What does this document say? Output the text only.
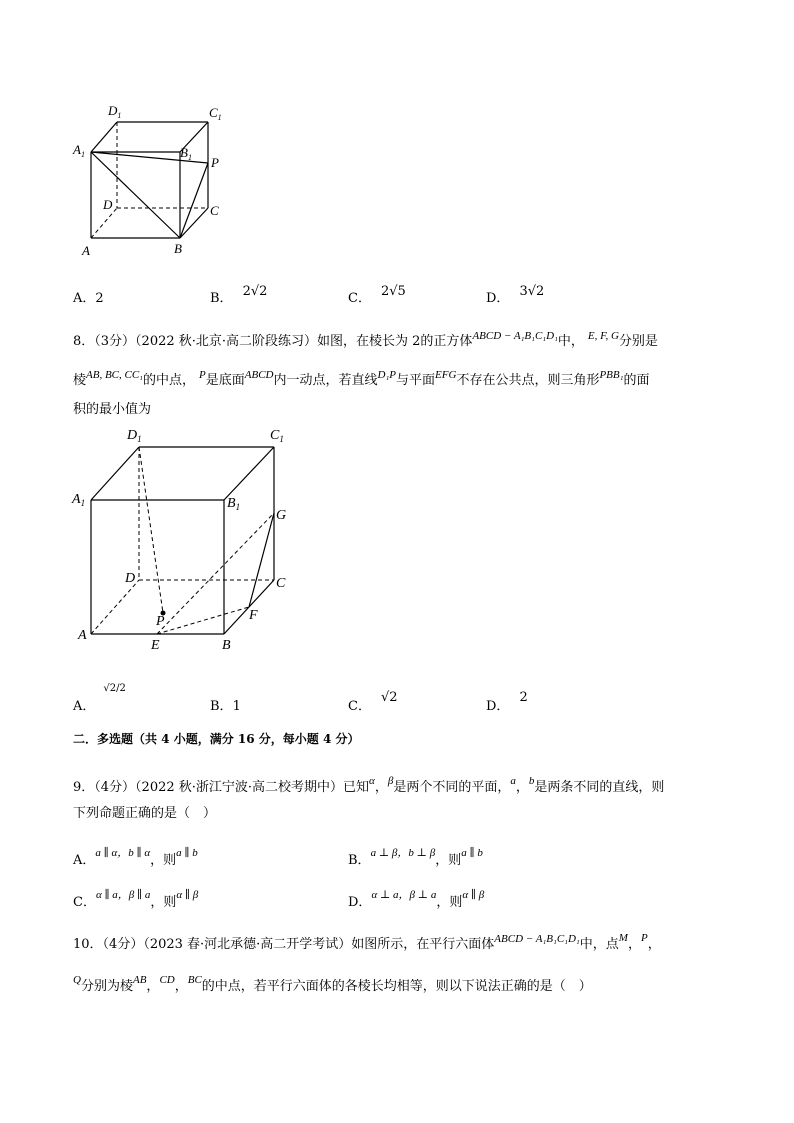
$D_1$	$C_1$
$A_1$	$B_1$ P
D	C
A	B
A．2	B． 2√2	C． 2√5	D． 3√2
8．（3分）（2022 秋·北京·高二阶段练习）如图，在棱长为 2的正方体$^{ABCD - A_1B_1C_1D_1}$中， $^{E, F, G}$分别是
棱$^{AB, BC, CC_1}$的中点， $^P$是底面$^{ABCD}$内一动点，若直线$^{D_1P}$与平面$^{EFG}$不存在公共点，则三角形$^{PBB_1}$的面
积的最小值为
$D_1$	$C_1$
$A_1$	$B_1$
G
D	C
F
P
A
E	B
A．√2/2
B．1	C．√2
D．2
二．多选题（共 4 小题，满分 16 分，每小题 4 分）
9．（4分）（2022 秋·浙江宁波·高二校考期中）已知$^\alpha$，$^\beta$是两个不同的平面，$^a$，$^b$是两条不同的直线，则
下列命题正确的是（　）
A．a ∥ α，b ∥ α，则a ∥ b	B．a ⊥ β，b ⊥ β，则a ∥ b
C．α ∥ a，β ∥ a，则α ∥ β	D．α ⊥ a，β ⊥ a，则α ∥ β
10．（4分）（2023 春·河北承德·高二开学考试）如图所示，在平行六面体$^{ABCD - A_1B_1C_1D_1}$中，点$^M$，$^P$，
$^Q$分别为棱$^{AB}$，$^{CD}$，$^{BC}$的中点，若平行六面体的各棱长均相等，则以下说法正确的是（　）
